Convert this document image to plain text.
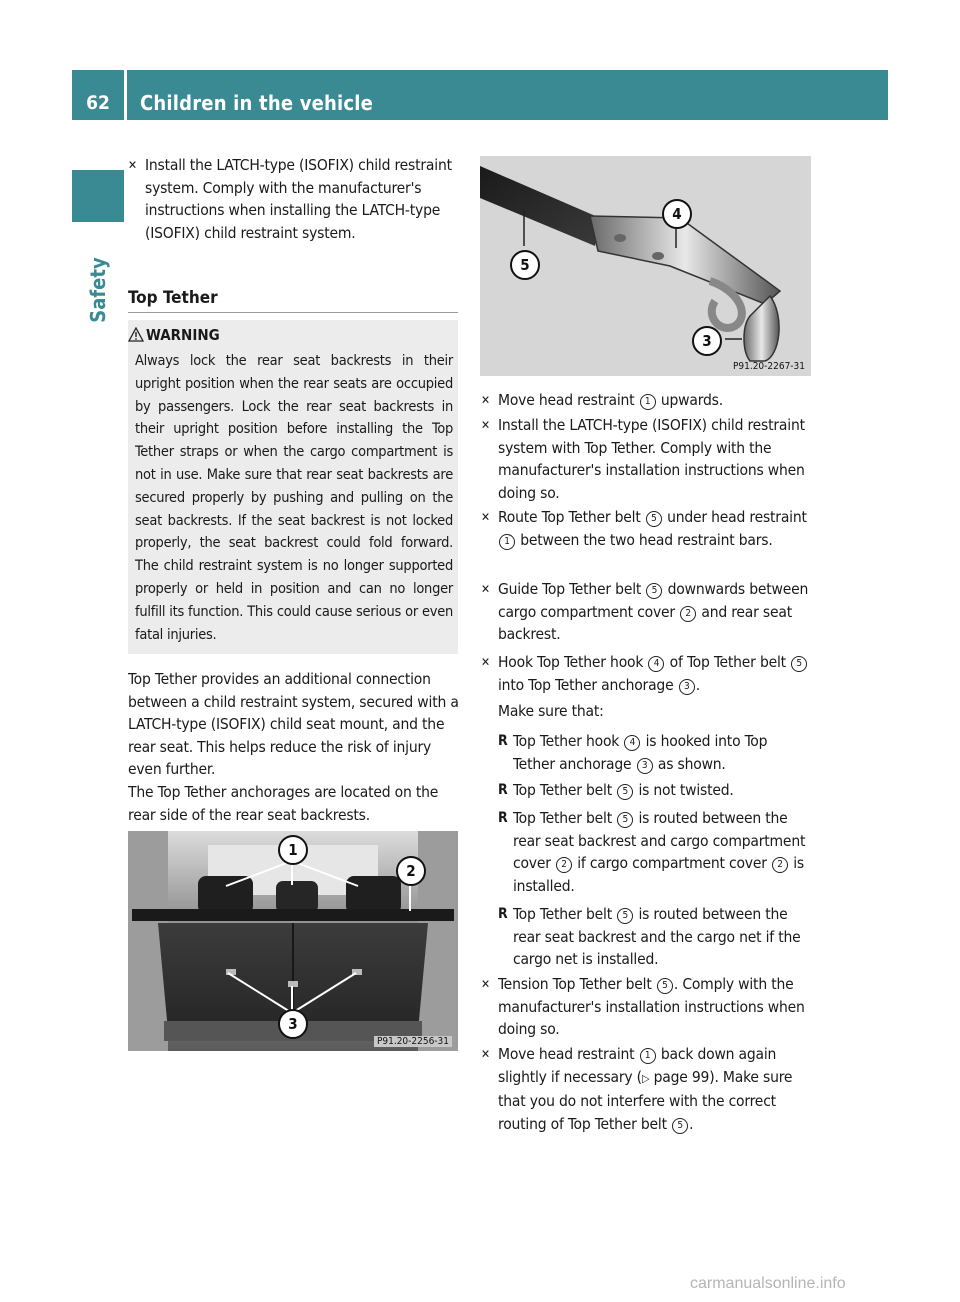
62	Children in the vehicle
Safety
✕ Install the LATCH-type (ISOFIX) child restraint system. Comply with the manufacturer's instructions when installing the LATCH-type (ISOFIX) child restraint system.
Top Tether
WARNING
Always lock the rear seat backrests in their upright position when the rear seats are occupied by passengers. Lock the rear seat backrests in their upright position before installing the Top Tether straps or when the cargo compartment is not in use. Make sure that rear seat backrests are secured properly by pushing and pulling on the seat backrests. If the seat backrest is not locked properly, the seat backrest could fold forward. The child restraint system is no longer supported properly or held in position and can no longer fulfill its function. This could cause serious or even fatal injuries.
Top Tether provides an additional connection between a child restraint system, secured with a LATCH-type (ISOFIX) child seat mount, and the rear seat. This helps reduce the risk of injury even further.
The Top Tether anchorages are located on the rear side of the rear seat backrests.
1
2
3
P91.20-2256-31
4
5
3
P91.20-2267-31
✕ Move head restraint 1 upwards.
✕ Install the LATCH-type (ISOFIX) child restraint system with Top Tether. Comply with the manufacturer's installation instructions when doing so.
✕ Route Top Tether belt 5 under head restraint 1 between the two head restraint bars.
✕ Guide Top Tether belt 5 downwards between cargo compartment cover 2 and rear seat backrest.
✕ Hook Top Tether hook 4 of Top Tether belt 5 into Top Tether anchorage 3 .
Make sure that:
R Top Tether hook 4 is hooked into Top Tether anchorage 3 as shown.
R Top Tether belt 5 is not twisted.
R Top Tether belt 5 is routed between the rear seat backrest and cargo compartment cover 2 if cargo compartment cover 2 is installed.
R Top Tether belt 5 is routed between the rear seat backrest and the cargo net if the cargo net is installed.
✕ Tension Top Tether belt 5 . Comply with the manufacturer's installation instructions when doing so.
✕ Move head restraint 1 back down again slightly if necessary (▷ page 99). Make sure that you do not interfere with the correct routing of Top Tether belt 5 .
carmanualsonline.info
